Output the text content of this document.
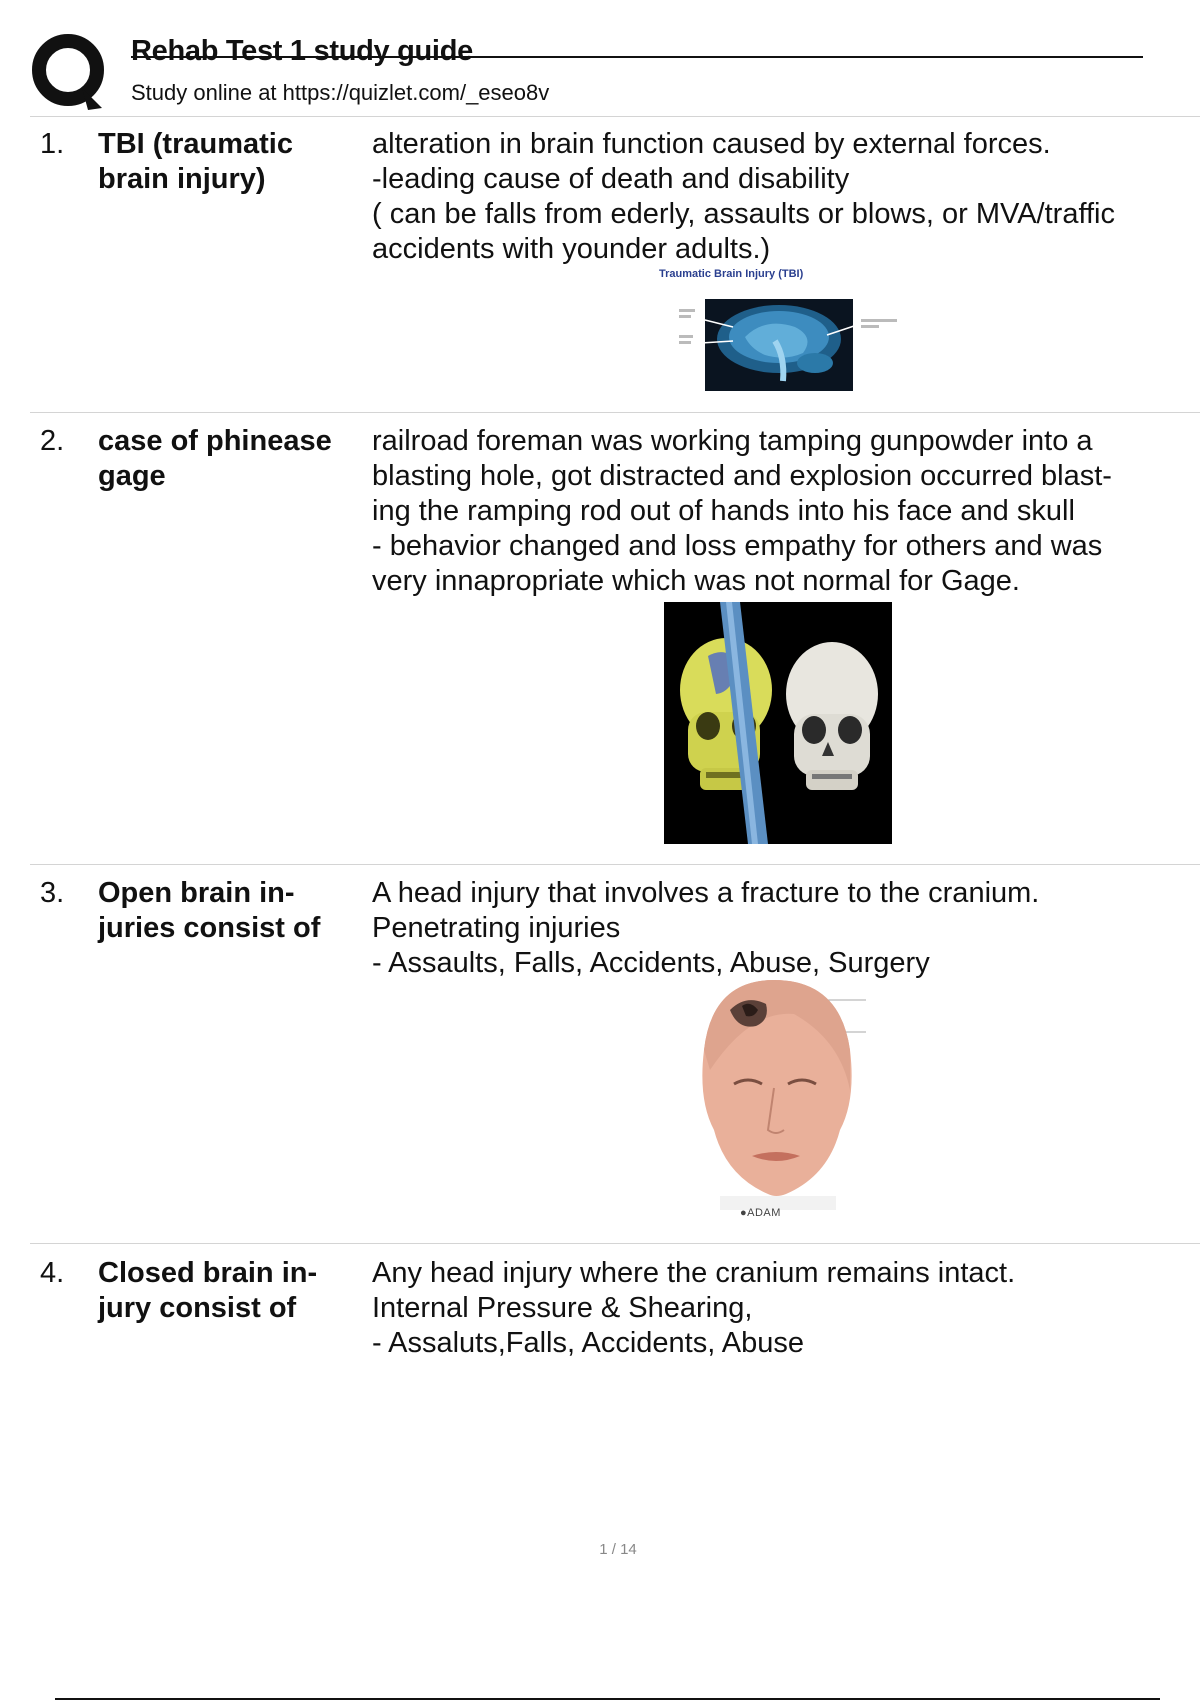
Rehab Test 1 study guide
Study online at https://quizlet.com/_eseo8v
1. TBI (traumatic
brain injury)
alteration in brain function caused by external forces.
-leading cause of death and disability
( can be falls from ederly, assaults or blows, or MVA/traffic
accidents with younder adults.)
Traumatic Brain Injury (TBI)

2. case of phinease
gage
railroad foreman was working tamping gunpowder into a
blasting hole, got distracted and explosion occurred blast-
ing the ramping rod out of hands into his face and skull
- behavior changed and loss empathy for others and was
very innapropriate which was not normal for Gage.
3. Open brain in-
juries consist of
A head injury that involves a fracture to the cranium.
Penetrating injuries
- Assaults, Falls, Accidents, Abuse, Surgery
●ADAM
4. Closed brain in-
jury consist of
Any head injury where the cranium remains intact.
Internal Pressure & Shearing,
- Assaluts,Falls, Accidents, Abuse
1 / 14
